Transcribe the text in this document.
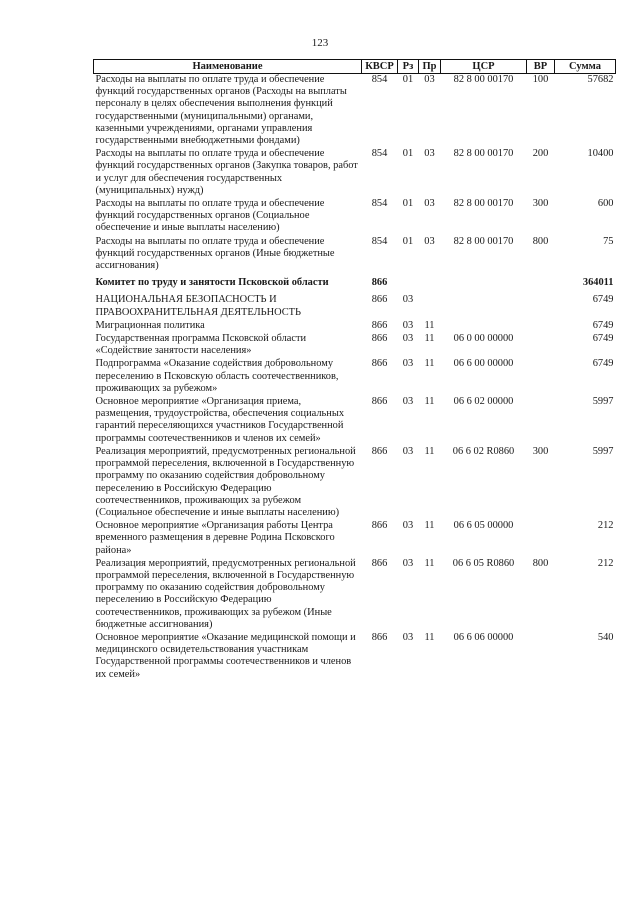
123
Наименование	КВСР	Рз	Пр	ЦСР	ВР	Сумма
Расходы на выплаты по оплате труда и обеспечение функций государственных органов (Расходы на выплаты персоналу в целях обеспечения выполнения функций государственными (муниципальными) органами, казенными учреждениями, органами управления государственными внебюджетными фондами)	854	01	03	82 8 00 00170	100	57682
Расходы на выплаты по оплате труда и обеспечение функций государственных органов (Закупка товаров, работ и услуг для обеспечения государственных (муниципальных) нужд)	854	01	03	82 8 00 00170	200	10400
Расходы на выплаты по оплате труда и обеспечение функций государственных органов (Социальное обеспечение и иные выплаты населению)	854	01	03	82 8 00 00170	300	600
Расходы на выплаты по оплате труда и обеспечение функций государственных органов (Иные бюджетные ассигнования)	854	01	03	82 8 00 00170	800	75
Комитет по труду и занятости Псковской области	866					364011
НАЦИОНАЛЬНАЯ БЕЗОПАСНОСТЬ И ПРАВООХРАНИТЕЛЬНАЯ ДЕЯТЕЛЬНОСТЬ	866	03				6749
Миграционная политика	866	03	11			6749
Государственная программа Псковской области «Содействие занятости населения»	866	03	11	06 0 00 00000		6749
Подпрограмма «Оказание содействия добровольному переселению в Псковскую область соотечественников, проживающих за рубежом»	866	03	11	06 6 00 00000		6749
Основное мероприятие «Организация приема, размещения, трудоустройства, обеспечения социальных гарантий переселяющихся участников Государственной программы соотечественников и членов их семей»	866	03	11	06 6 02 00000		5997
Реализация мероприятий, предусмотренных региональной программой переселения, включенной в Государственную программу по оказанию содействия добровольному переселению в Российскую Федерацию соотечественников, проживающих за рубежом (Социальное обеспечение и иные выплаты населению)	866	03	11	06 6 02 R0860	300	5997
Основное мероприятие «Организация работы Центра временного размещения в деревне Родина Псковского района»	866	03	11	06 6 05 00000		212
Реализация мероприятий, предусмотренных региональной программой переселения, включенной в Государственную программу по оказанию содействия добровольному переселению в Российскую Федерацию соотечественников, проживающих за рубежом (Иные бюджетные ассигнования)	866	03	11	06 6 05 R0860	800	212
Основное мероприятие «Оказание медицинской помощи и медицинского освидетельствования участникам Государственной программы соотечественников и членов их семей»	866	03	11	06 6 06 00000		540
